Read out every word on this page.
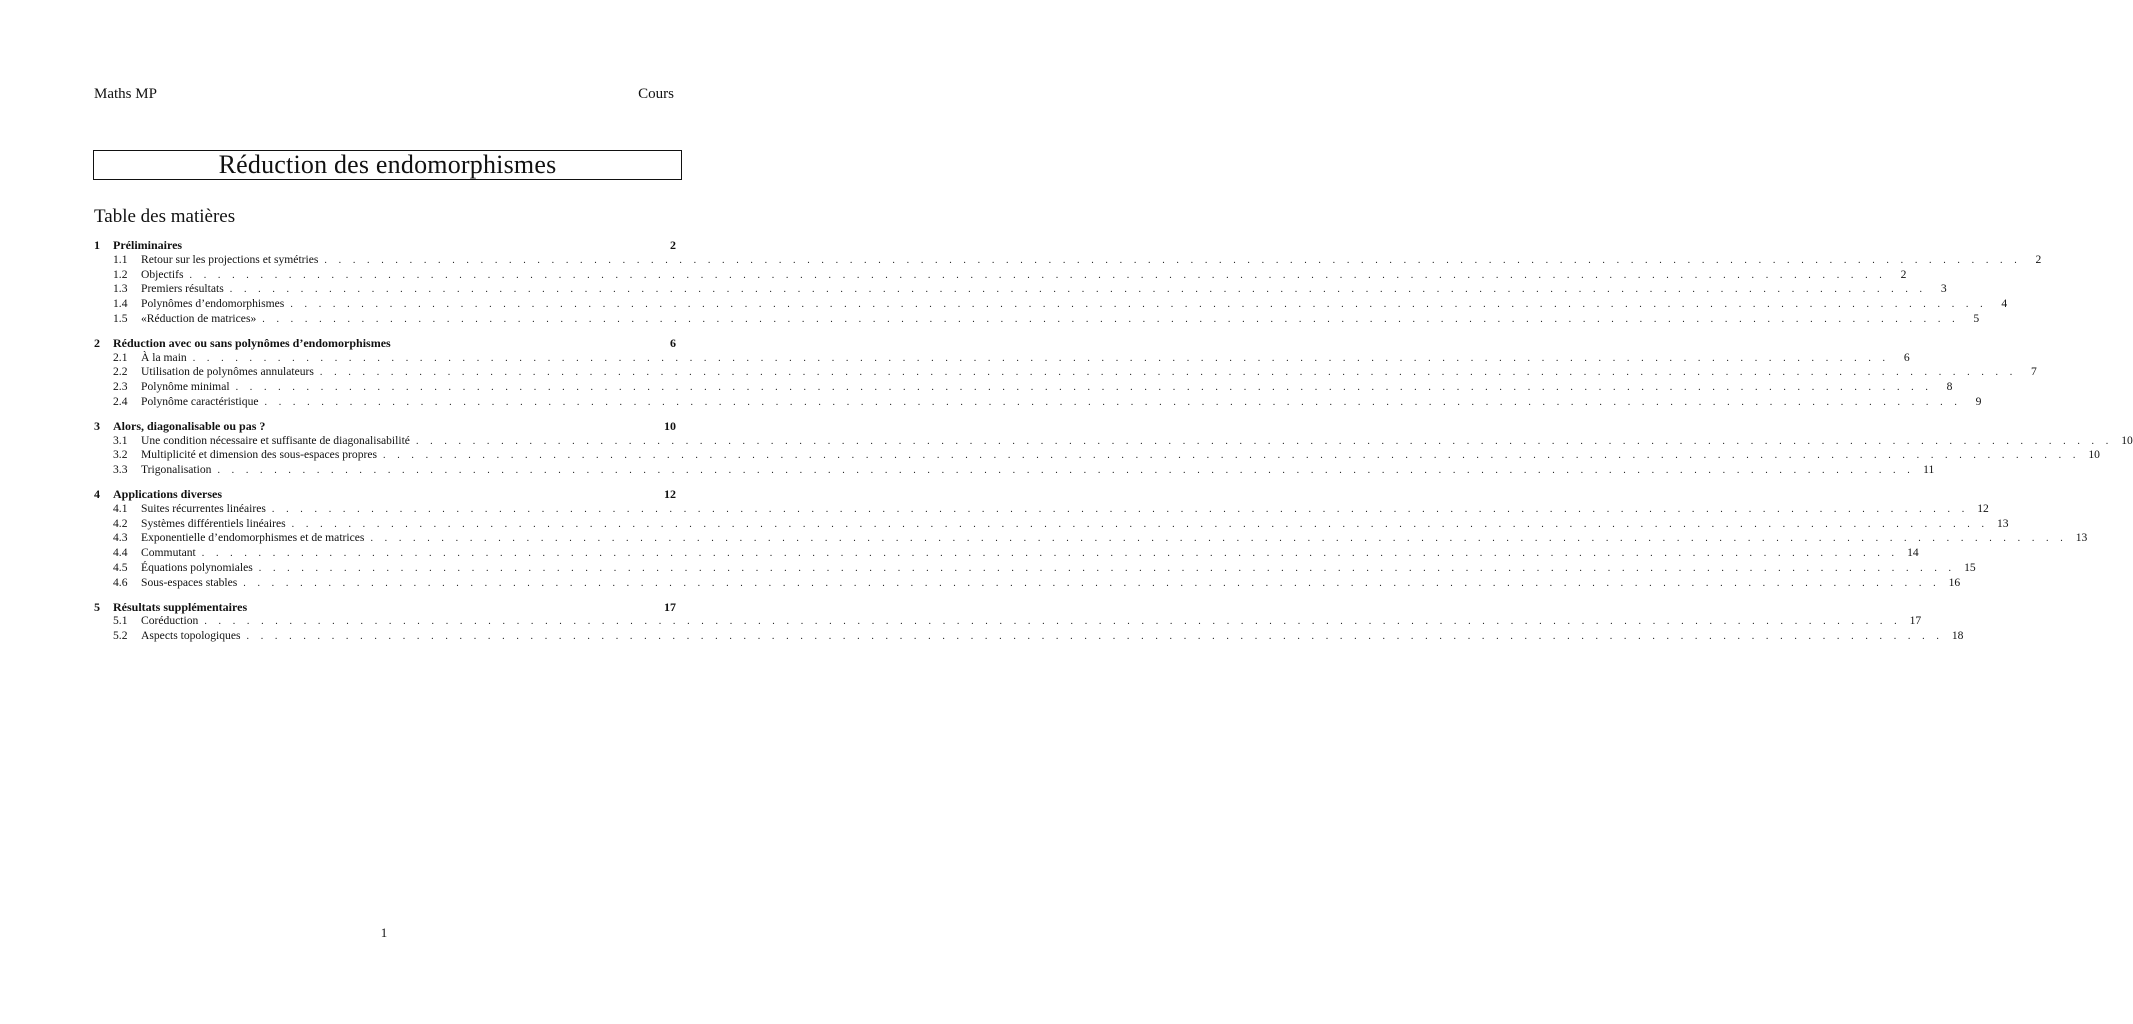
Maths MP	Cours
Réduction des endomorphismes
Table des matières
1	Préliminaires	2
1.1	Retour sur les projections et symétries . . . . . . . . . . . . . . . . . . . . . . . . . . . . . . . . . . . . . . . . . . . . . . . . . . . . . . . . . . . . . . . . . . . . . . . . . . . . . . . . . . . . . . . . . . . . . . . . . . . . . . . . . . . . . . . . . . . . . . . .	2
1.2	Objectifs . . . . . . . . . . . . . . . . . . . . . . . . . . . . . . . . . . . . . . . . . . . . . . . . . . . . . . . . . . . . . . . . . . . . . . . . . . . . . . . . . . . . . . . . . . . . . . . . . . . . . . . . . . . . . . . . . . . . . . . .	2
1.3	Premiers résultats . . . . . . . . . . . . . . . . . . . . . . . . . . . . . . . . . . . . . . . . . . . . . . . . . . . . . . . . . . . . . . . . . . . . . . . . . . . . . . . . . . . . . . . . . . . . . . . . . . . . . . . . . . . . . . . . . . . . . . . .	3
1.4	Polynômes d’endomorphismes . . . . . . . . . . . . . . . . . . . . . . . . . . . . . . . . . . . . . . . . . . . . . . . . . . . . . . . . . . . . . . . . . . . . . . . . . . . . . . . . . . . . . . . . . . . . . . . . . . . . . . . . . . . . . . . . . . . . . . . .	4
1.5	«Réduction de matrices» . . . . . . . . . . . . . . . . . . . . . . . . . . . . . . . . . . . . . . . . . . . . . . . . . . . . . . . . . . . . . . . . . . . . . . . . . . . . . . . . . . . . . . . . . . . . . . . . . . . . . . . . . . . . . . . . . . . . . . . .	5
2	Réduction avec ou sans polynômes d’endomorphismes	6
2.1	À la main . . . . . . . . . . . . . . . . . . . . . . . . . . . . . . . . . . . . . . . . . . . . . . . . . . . . . . . . . . . . . . . . . . . . . . . . . . . . . . . . . . . . . . . . . . . . . . . . . . . . . . . . . . . . . . . . . . . . . . . .	6
2.2	Utilisation de polynômes annulateurs . . . . . . . . . . . . . . . . . . . . . . . . . . . . . . . . . . . . . . . . . . . . . . . . . . . . . . . . . . . . . . . . . . . . . . . . . . . . . . . . . . . . . . . . . . . . . . . . . . . . . . . . . . . . . . . . . . . . . . . .	7
2.3	Polynôme minimal . . . . . . . . . . . . . . . . . . . . . . . . . . . . . . . . . . . . . . . . . . . . . . . . . . . . . . . . . . . . . . . . . . . . . . . . . . . . . . . . . . . . . . . . . . . . . . . . . . . . . . . . . . . . . . . . . . . . . . . .	8
2.4	Polynôme caractéristique . . . . . . . . . . . . . . . . . . . . . . . . . . . . . . . . . . . . . . . . . . . . . . . . . . . . . . . . . . . . . . . . . . . . . . . . . . . . . . . . . . . . . . . . . . . . . . . . . . . . . . . . . . . . . . . . . . . . . . . .	9
3	Alors, diagonalisable ou pas ?	10
3.1	Une condition nécessaire et suffisante de diagonalisabilité . . . . . . . . . . . . . . . . . . . . . . . . . . . . . . . . . . . . . . . . . . . . . . . . . . . . . . . . . . . . . . . . . . . . . . . . . . . . . . . . . . . . . . . . . . . . . . . . . . . . . . . . . . . . . . . . . . . . . . . . 10
3.2	Multiplicité et dimension des sous-espaces propres . . . . . . . . . . . . . . . . . . . . . . . . . . . . . . . . . . . . . . . . . . . . . . . . . . . . . . . . . . . . . . . . . . . . . . . . . . . . . . . . . . . . . . . . . . . . . . . . . . . . . . . . . . . . . . . . . . . . . . . . 10
3.3	Trigonalisation . . . . . . . . . . . . . . . . . . . . . . . . . . . . . . . . . . . . . . . . . . . . . . . . . . . . . . . . . . . . . . . . . . . . . . . . . . . . . . . . . . . . . . . . . . . . . . . . . . . . . . . . . . . . . . . . . . . . . . . . 11
4	Applications diverses	12
4.1	Suites récurrentes linéaires . . . . . . . . . . . . . . . . . . . . . . . . . . . . . . . . . . . . . . . . . . . . . . . . . . . . . . . . . . . . . . . . . . . . . . . . . . . . . . . . . . . . . . . . . . . . . . . . . . . . . . . . . . . . . . . . . . . . . . . . 12
4.2	Systèmes différentiels linéaires . . . . . . . . . . . . . . . . . . . . . . . . . . . . . . . . . . . . . . . . . . . . . . . . . . . . . . . . . . . . . . . . . . . . . . . . . . . . . . . . . . . . . . . . . . . . . . . . . . . . . . . . . . . . . . . . . . . . . . . . 13
4.3	Exponentielle d’endomorphismes et de matrices . . . . . . . . . . . . . . . . . . . . . . . . . . . . . . . . . . . . . . . . . . . . . . . . . . . . . . . . . . . . . . . . . . . . . . . . . . . . . . . . . . . . . . . . . . . . . . . . . . . . . . . . . . . . . . . . . . . . . . . . 13
4.4	Commutant . . . . . . . . . . . . . . . . . . . . . . . . . . . . . . . . . . . . . . . . . . . . . . . . . . . . . . . . . . . . . . . . . . . . . . . . . . . . . . . . . . . . . . . . . . . . . . . . . . . . . . . . . . . . . . . . . . . . . . . . 14
4.5	Équations polynomiales . . . . . . . . . . . . . . . . . . . . . . . . . . . . . . . . . . . . . . . . . . . . . . . . . . . . . . . . . . . . . . . . . . . . . . . . . . . . . . . . . . . . . . . . . . . . . . . . . . . . . . . . . . . . . . . . . . . . . . . . 15
4.6	Sous-espaces stables . . . . . . . . . . . . . . . . . . . . . . . . . . . . . . . . . . . . . . . . . . . . . . . . . . . . . . . . . . . . . . . . . . . . . . . . . . . . . . . . . . . . . . . . . . . . . . . . . . . . . . . . . . . . . . . . . . . . . . . . 16
5	Résultats supplémentaires	17
5.1	Coréduction . . . . . . . . . . . . . . . . . . . . . . . . . . . . . . . . . . . . . . . . . . . . . . . . . . . . . . . . . . . . . . . . . . . . . . . . . . . . . . . . . . . . . . . . . . . . . . . . . . . . . . . . . . . . . . . . . . . . . . . . 17
5.2	Aspects topologiques . . . . . . . . . . . . . . . . . . . . . . . . . . . . . . . . . . . . . . . . . . . . . . . . . . . . . . . . . . . . . . . . . . . . . . . . . . . . . . . . . . . . . . . . . . . . . . . . . . . . . . . . . . . . . . . . . . . . . . . . 18
1
